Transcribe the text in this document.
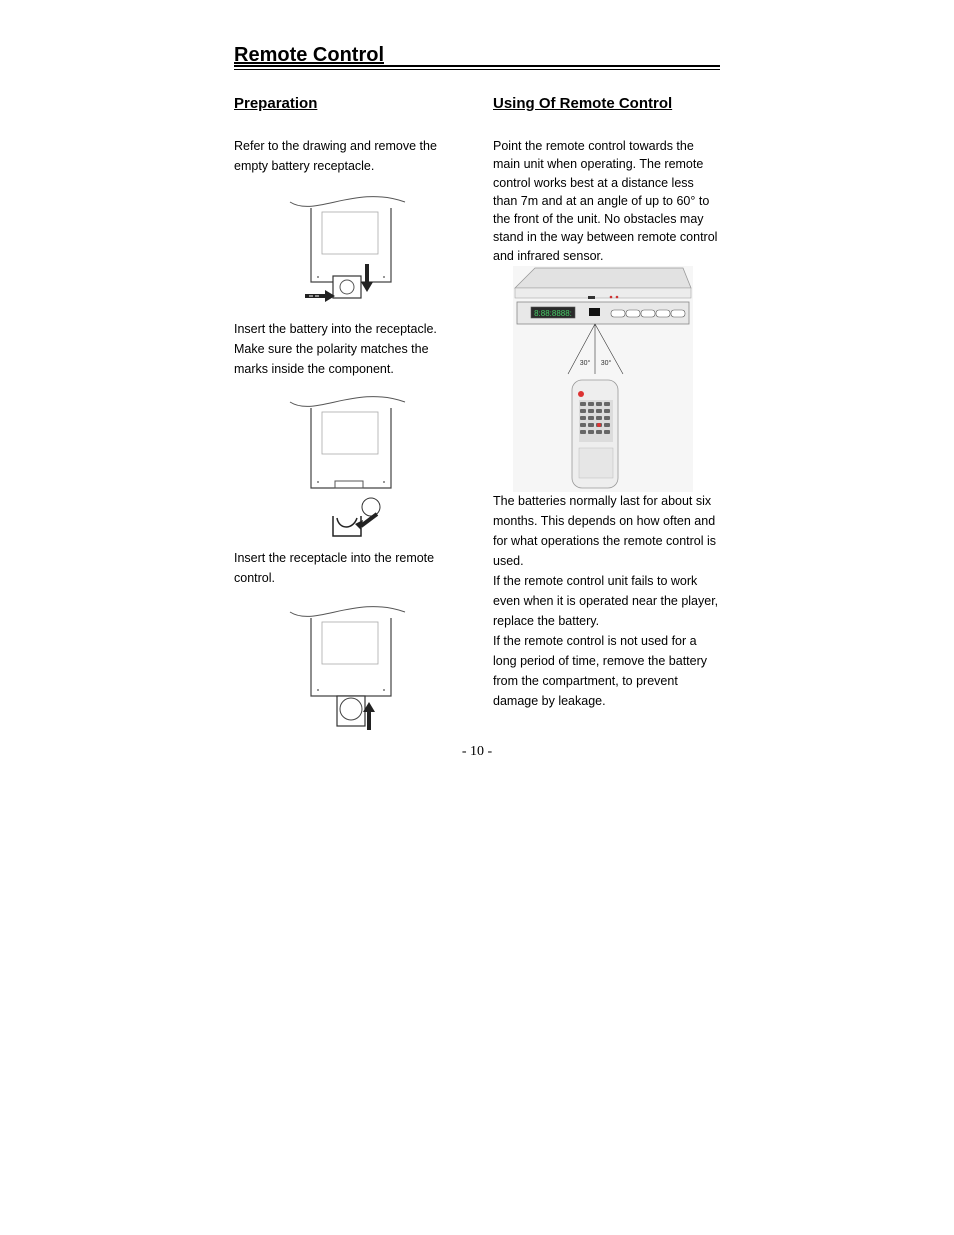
Remote Control
Preparation
Refer to the drawing and remove the
empty battery receptacle.
Insert the battery into the receptacle.
Make sure the polarity matches the
marks inside the component.
Insert the receptacle into the remote
control.
Using Of Remote Control
Point the remote control towards the
main unit when operating. The remote
control works best at a distance less
than 7m and at an angle of up to 60° to
the front of the unit. No obstacles may
stand in the way between remote control
and infrared sensor.
8:88:8888:
30° 30°
The batteries normally last for about six
months. This depends on how often and
for what operations the remote control is
used.
If the remote control unit fails to work
even when it is operated near the player,
replace the battery.
If the remote control is not used for a
long period of time, remove the battery
from the compartment, to prevent
damage by leakage.
- 10 -
